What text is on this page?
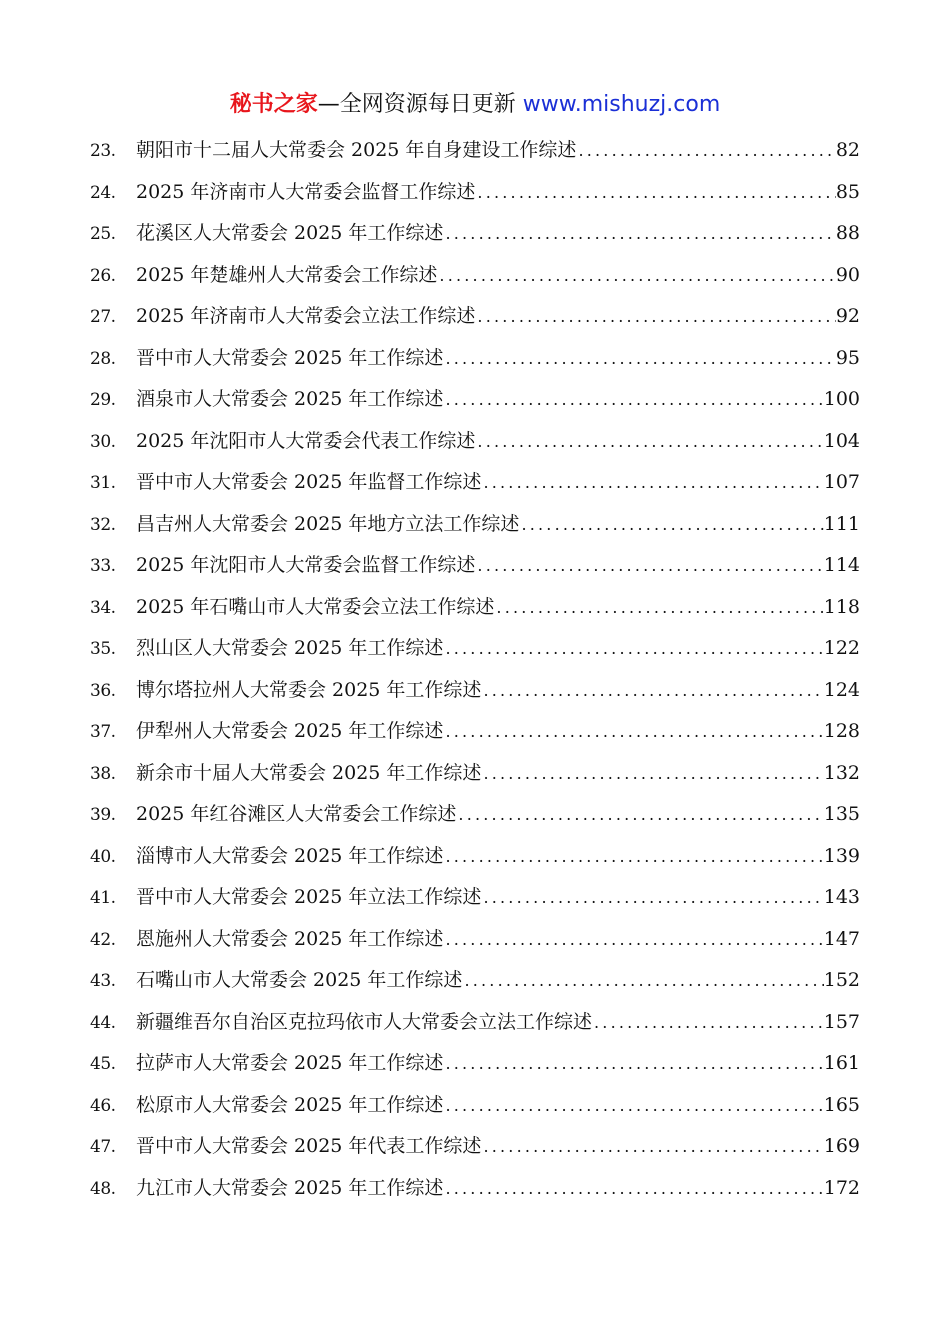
秘书之家—全网资源每日更新 www.mishuzj.com
23.	朝阳市十二届人大常委会 2025 年自身建设工作综述 .....	82
24.	2025 年济南市人大常委会监督工作综述 .....	85
25.	花溪区人大常委会 2025 年工作综述 .....	88
26.	2025 年楚雄州人大常委会工作综述 .....	90
27.	2025 年济南市人大常委会立法工作综述 .....	92
28.	晋中市人大常委会 2025 年工作综述 .....	95
29.	酒泉市人大常委会 2025 年工作综述 .....	100
30.	2025 年沈阳市人大常委会代表工作综述 .....	104
31.	晋中市人大常委会 2025 年监督工作综述 .....	107
32.	昌吉州人大常委会 2025 年地方立法工作综述 .....	111
33.	2025 年沈阳市人大常委会监督工作综述 .....	114
34.	2025 年石嘴山市人大常委会立法工作综述 .....	118
35.	烈山区人大常委会 2025 年工作综述 .....	122
36.	博尔塔拉州人大常委会 2025 年工作综述 .....	124
37.	伊犁州人大常委会 2025 年工作综述 .....	128
38.	新余市十届人大常委会 2025 年工作综述 .....	132
39.	2025 年红谷滩区人大常委会工作综述 .....	135
40.	淄博市人大常委会 2025 年工作综述 .....	139
41.	晋中市人大常委会 2025 年立法工作综述 .....	143
42.	恩施州人大常委会 2025 年工作综述 .....	147
43.	石嘴山市人大常委会 2025 年工作综述 .....	152
44.	新疆维吾尔自治区克拉玛依市人大常委会立法工作综述 .....	157
45.	拉萨市人大常委会 2025 年工作综述 .....	161
46.	松原市人大常委会 2025 年工作综述 .....	165
47.	晋中市人大常委会 2025 年代表工作综述 .....	169
48.	九江市人大常委会 2025 年工作综述 .....	172
